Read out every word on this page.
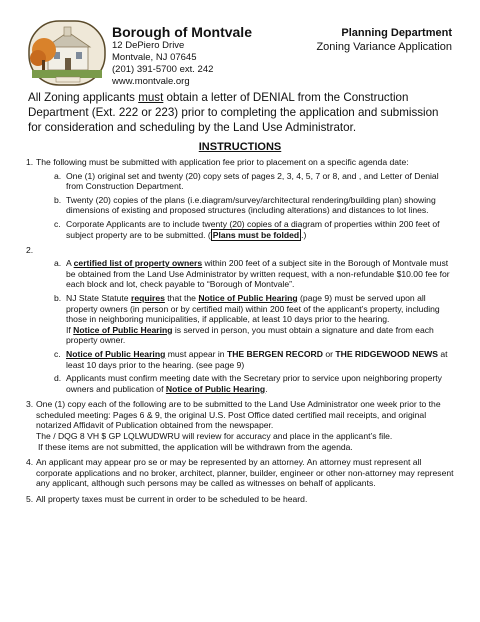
Borough of Montvale
12 DePiero Drive
Montvale, NJ 07645
(201) 391-5700 ext. 242
www.montvale.org
Planning Department
Zoning Variance Application
All Zoning applicants must obtain a letter of DENIAL from the Construction Department (Ext. 222 or 223) prior to completing the application and submission for consideration and scheduling by the Land Use Administrator.
INSTRUCTIONS
1. The following must be submitted with application fee prior to placement on a specific agenda date:
a. One (1) original set and twenty (20) copy sets of pages 2, 3, 4, 5, 7 or 8, and , and Letter of Denial from Construction Department.
b. Twenty (20) copies of the plans (i.e.diagram/survey/architectural rendering/building plan) showing dimensions of existing and proposed structures (including alterations) and distances to lot lines.
c. Corporate Applicants are to include twenty (20) copies of a diagram of properties within 200 feet of subject property are to be submitted. ( Plans must be folded .)
2.
a. A certified list of property owners within 200 feet of a subject site in the Borough of Montvale must be obtained from the Land Use Administrator by written request, with a non-refundable $10.00 fee for each block and lot, check payable to “Borough of Montvale”.
b. NJ State Statute requires that the Notice of Public Hearing (page 9) must be served upon all property owners (in person or by certified mail) within 200 feet of the applicant’s property, including those in neighboring municipalities, if applicable, at least 10 days prior to the hearing.
If Notice of Public Hearing is served in person, you must obtain a signature and date from each property owner.
c. Notice of Public Hearing must appear in THE BERGEN RECORD or THE RIDGEWOOD NEWS at least 10 days prior to the hearing. (see page 9)
d. Applicants must confirm meeting date with the Secretary prior to service upon neighboring property owners and publication of Notice of Public Hearing.
3. One (1) copy each of the following are to be submitted to the Land Use Administrator one week prior to the scheduled meeting: Pages 6 & 9, the original U.S. Post Office dated certified mail receipts, and original notarized Affidavit of Publication obtained from the newspaper.
The / DQG 8 VH $ GP LQLWUDWRU will review for accuracy and place in the applicant’s file.
If these items are not submitted, the application will be withdrawn from the agenda.
4. An applicant may appear pro se or may be represented by an attorney. An attorney must represent all corporate applications and no broker, architect, planner, builder, engineer or other non-attorney may represent any applicant, although such persons may be called as witnesses on behalf of applicants.
5. All property taxes must be current in order to be scheduled to be heard.
